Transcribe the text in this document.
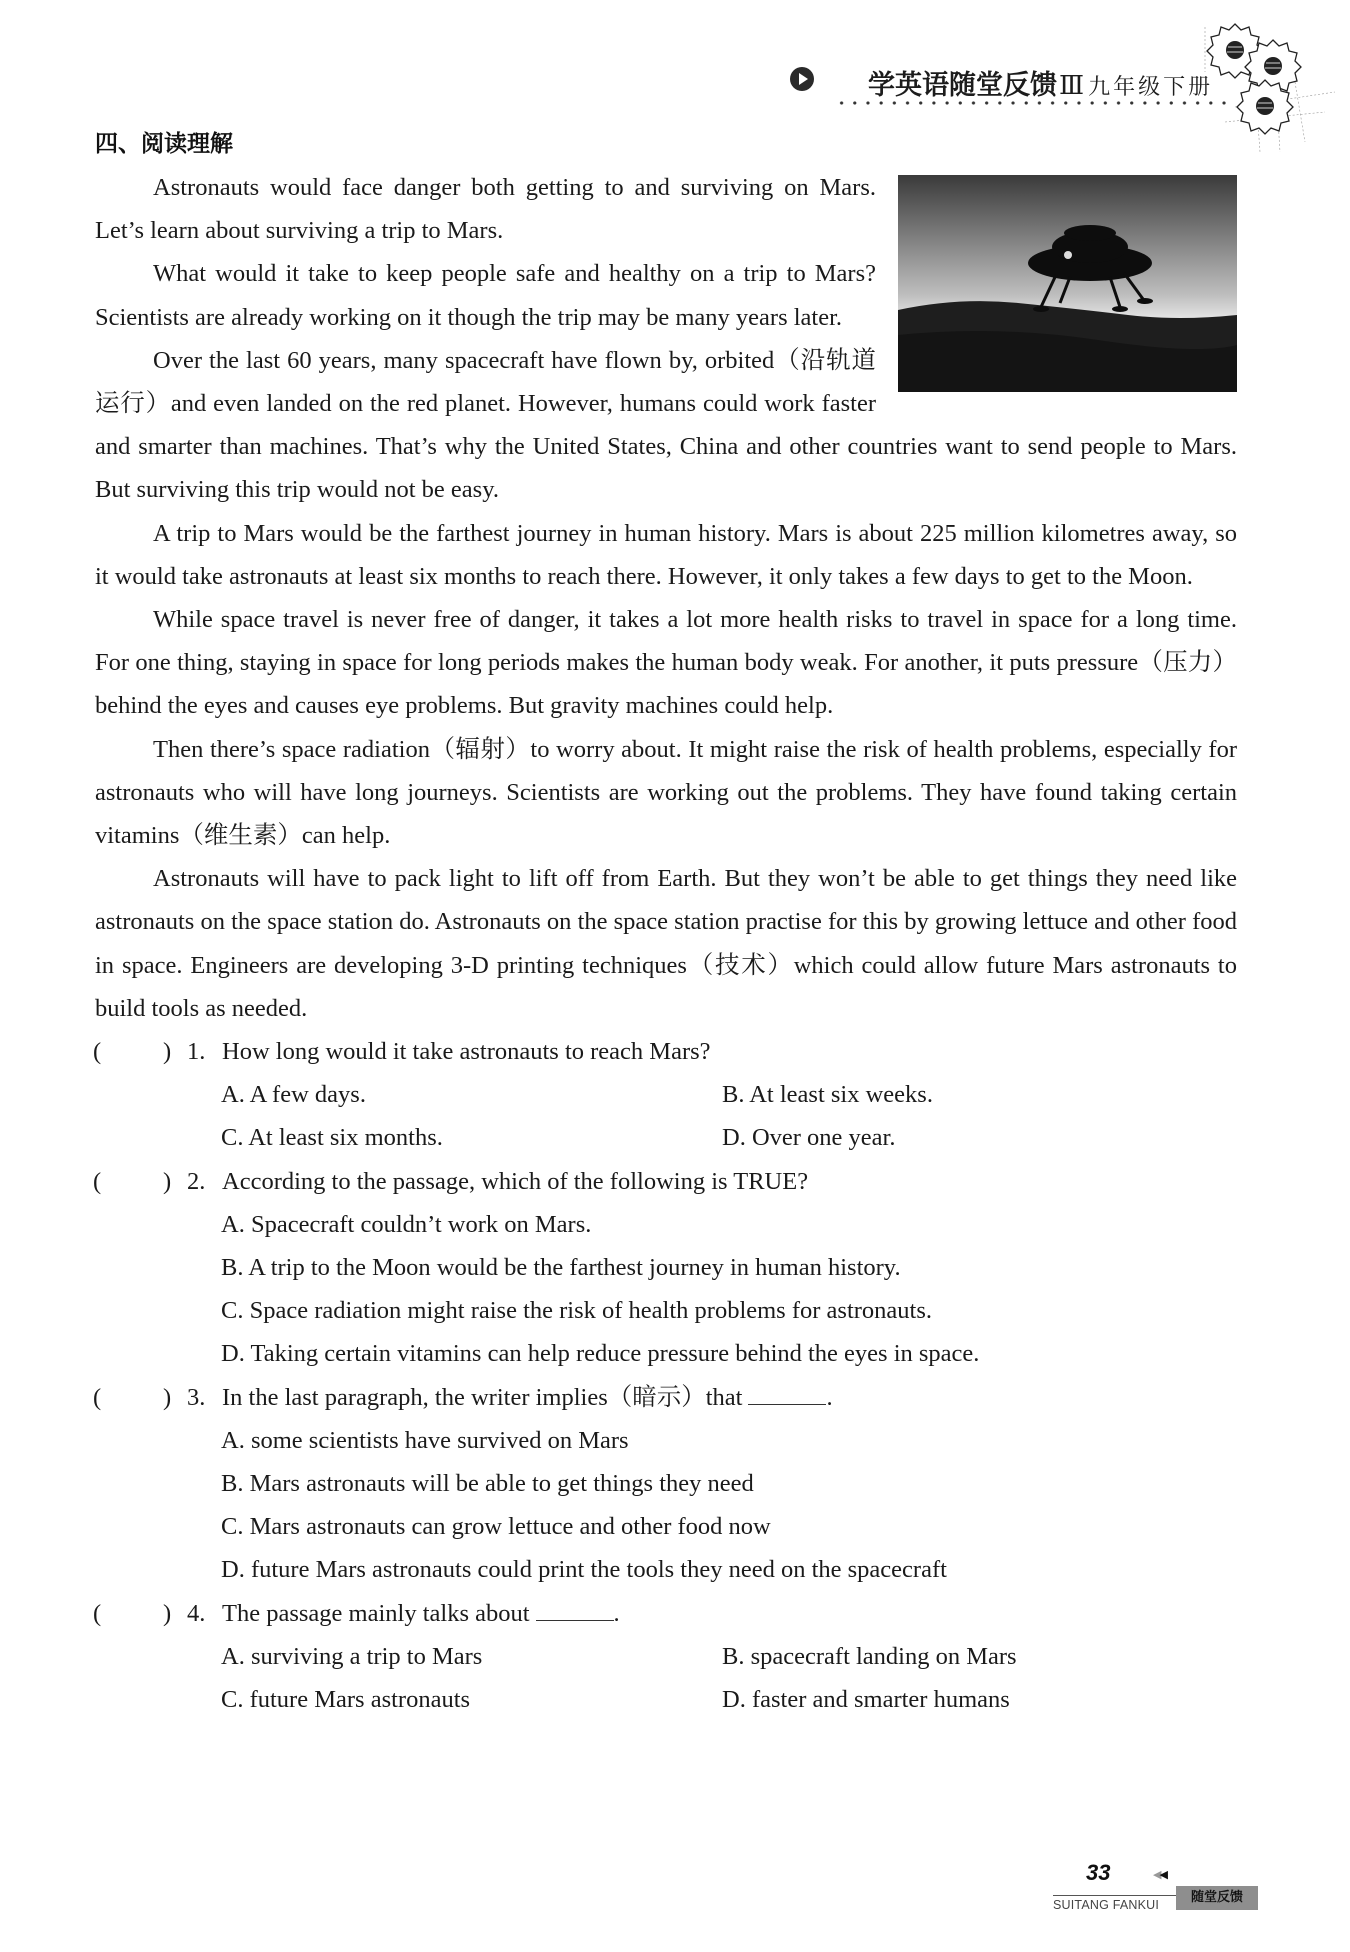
学英语随堂反馈Ⅲ 九年级下册
四、阅读理解

Astronauts would face danger both getting to and surviving on Mars. Let’s learn about surviving a trip to Mars.

What would it take to keep people safe and healthy on a trip to Mars? Scientists are already working on it though the trip may be many years later.

Over the last 60 years, many spacecraft have flown by, orbited（沿轨道运行）and even landed on the red planet. However, humans could work faster and smarter than machines. That’s why the United States, China and other countries want to send people to Mars. But surviving this trip would not be easy.

A trip to Mars would be the farthest journey in human history. Mars is about 225 million kilometres away, so it would take astronauts at least six months to reach there. However, it only takes a few days to get to the Moon.

While space travel is never free of danger, it takes a lot more health risks to travel in space for a long time. For one thing, staying in space for long periods makes the human body weak. For another, it puts pressure（压力）behind the eyes and causes eye problems. But gravity machines could help.

Then there’s space radiation（辐射）to worry about. It might raise the risk of health problems, especially for astronauts who will have long journeys. Scientists are working out the problems. They have found taking certain vitamins（维生素）can help.

Astronauts will have to pack light to lift off from Earth. But they won’t be able to get things they need like astronauts on the space station do. Astronauts on the space station practise for this by growing lettuce and other food in space. Engineers are developing 3-D printing techniques（技术）which could allow future Mars astronauts to build tools as needed.

(	) 1. How long would it take astronauts to reach Mars?
A. A few days.	B. At least six weeks.
C. At least six months.	D. Over one year.
(	) 2. According to the passage, which of the following is TRUE?
A. Spacecraft couldn’t work on Mars.
B. A trip to the Moon would be the farthest journey in human history.
C. Space radiation might raise the risk of health problems for astronauts.
D. Taking certain vitamins can help reduce pressure behind the eyes in space.
(	) 3. In the last paragraph, the writer implies（暗示）that	.
A. some scientists have survived on Mars
B. Mars astronauts will be able to get things they need
C. Mars astronauts can grow lettuce and other food now
D. future Mars astronauts could print the tools they need on the spacecraft
(	) 4. The passage mainly talks about	.
A. surviving a trip to Mars	B. spacecraft landing on Mars
C. future Mars astronauts	D. faster and smarter humans
33	◀◀
SUITANG FANKUI	随堂反馈
